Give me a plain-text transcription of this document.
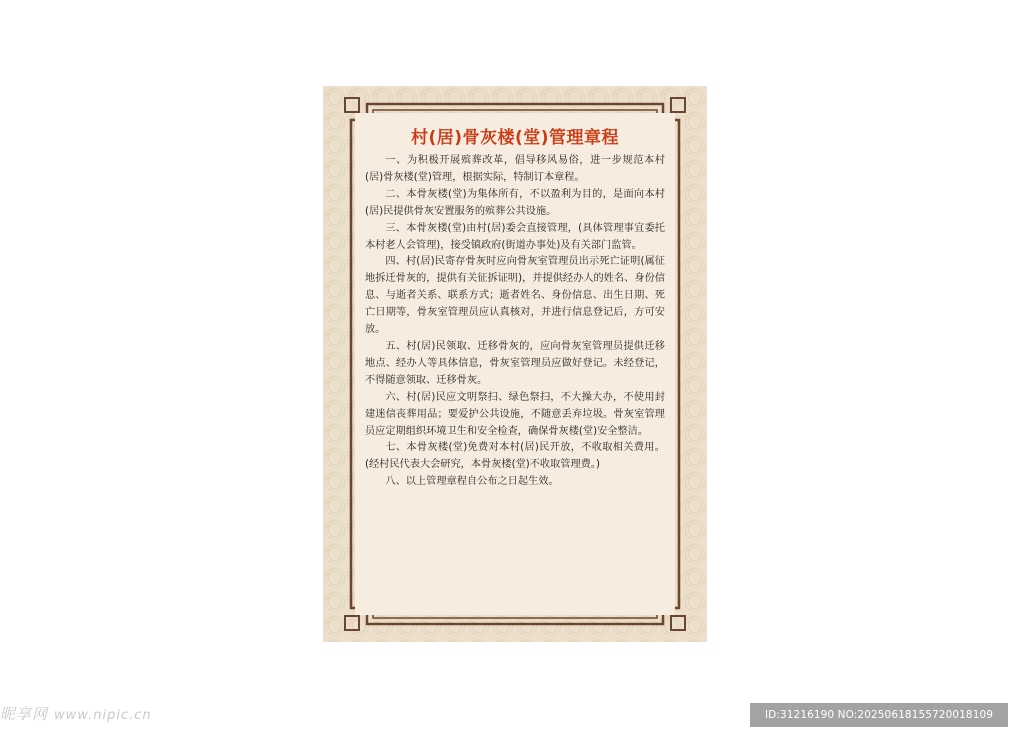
村(居)骨灰楼(堂)管理章程

一、为积极开展殡葬改革，倡导移风易俗，进一步规范本村(居)骨灰楼(堂)管理，根据实际，特制订本章程。

二、本骨灰楼(堂)为集体所有，不以盈利为目的，是面向本村(居)民提供骨灰安置服务的殡葬公共设施。

三、本骨灰楼(堂)由村(居)委会直接管理，(具体管理事宜委托本村老人会管理)，接受镇政府(街道办事处)及有关部门监管。

四、村(居)民寄存骨灰时应向骨灰室管理员出示死亡证明(属征地拆迁骨灰的，提供有关征拆证明)，并提供经办人的姓名、身份信息、与逝者关系、联系方式；逝者姓名、身份信息、出生日期、死亡日期等，骨灰室管理员应认真核对，并进行信息登记后，方可安放。

五、村(居)民领取、迁移骨灰的，应向骨灰室管理员提供迁移地点、经办人等具体信息，骨灰室管理员应做好登记。未经登记，不得随意领取、迁移骨灰。

六、村(居)民应文明祭扫、绿色祭扫，不大操大办，不使用封建迷信丧葬用品；要爱护公共设施，不随意丢弃垃圾。骨灰室管理员应定期组织环境卫生和安全检查，确保骨灰楼(堂)安全整洁。

七、本骨灰楼(堂)免费对本村(居)民开放，不收取相关费用。(经村民代表大会研究，本骨灰楼(堂)不收取管理费。)

八、以上管理章程自公布之日起生效。

昵享网 www.nipic.cn	ID:31216190 NO:20250618155720018109
